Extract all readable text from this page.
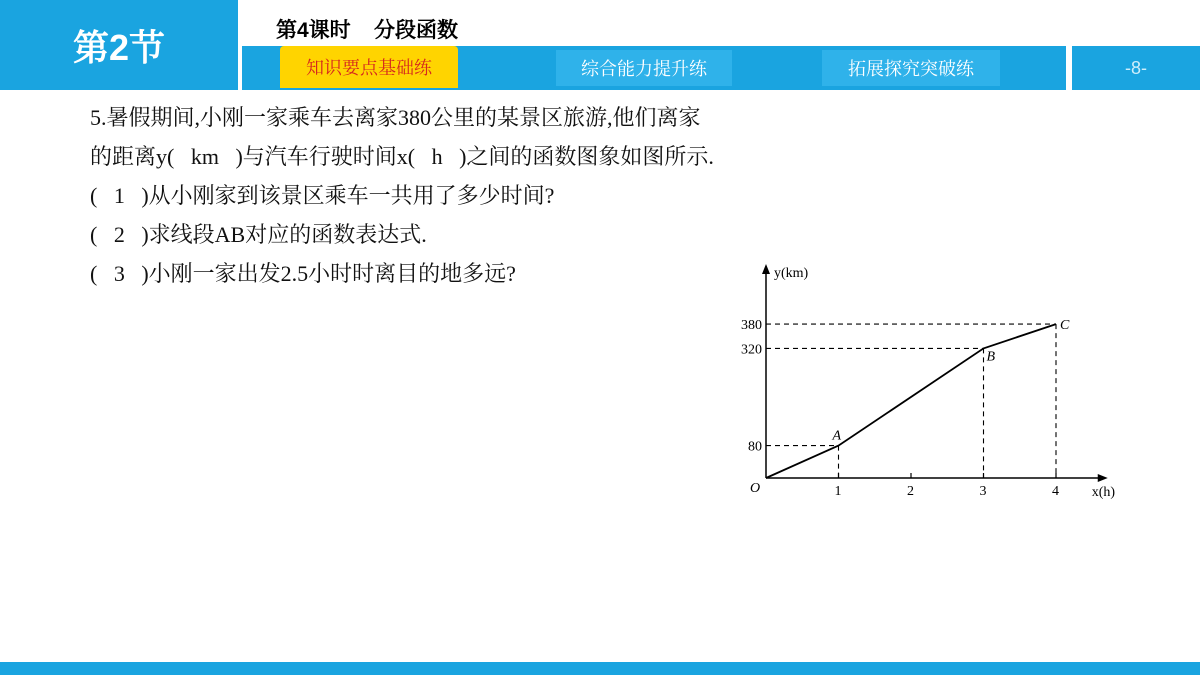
第2节	第4课时    分段函数
知识要点基础练	综合能力提升练	拓展探究突破练	-8-
5.暑假期间,小刚一家乘车去离家380公里的某景区旅游,他们离家
的距离y(   km   )与汽车行驶时间x(   h   )之间的函数图象如图所示.
(   1   )从小刚家到该景区乘车一共用了多少时间?
(   2   )求线段AB对应的函数表达式.
(   3   )小刚一家出发2.5小时时离目的地多远?	y(km)
x(h)
O	1	2	3	4
80
320
380
A
B
C
